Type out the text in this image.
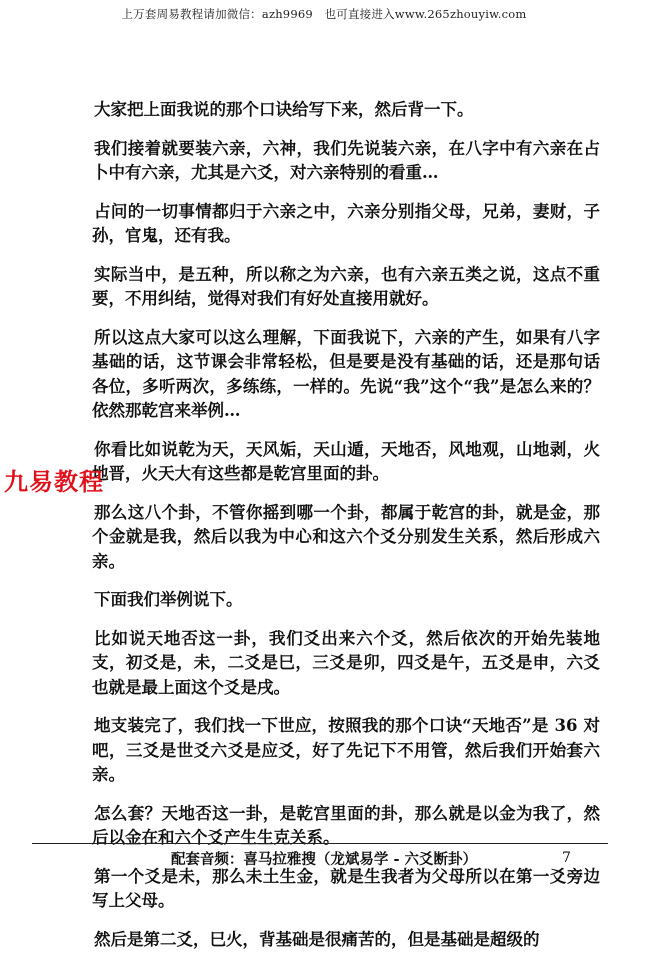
上万套周易教程请加微信：azh9969　也可直接进入www.265zhouyiw.com

大家把上面我说的那个口诀给写下来，然后背一下。

我们接着就要装六亲，六神，我们先说装六亲，在八字中有六亲在占卜中有六亲，尤其是六爻，对六亲特别的看重…

占问的一切事情都归于六亲之中，六亲分别指父母，兄弟，妻财，子孙，官鬼，还有我。

实际当中，是五种，所以称之为六亲，也有六亲五类之说，这点不重要，不用纠结，觉得对我们有好处直接用就好。

所以这点大家可以这么理解，下面我说下，六亲的产生，如果有八字基础的话，这节课会非常轻松，但是要是没有基础的话，还是那句话各位，多听两次，多练练，一样的。先说“我”这个“我”是怎么来的？依然那乾宫来举例…

你看比如说乾为天，天风姤，天山遁，天地否，风地观，山地剥，火地晋，火天大有这些都是乾宫里面的卦。

那么这八个卦，不管你摇到哪一个卦，都属于乾宫的卦，就是金，那个金就是我，然后以我为中心和这六个爻分别发生关系，然后形成六亲。

下面我们举例说下。

比如说天地否这一卦，我们爻出来六个爻，然后依次的开始先装地支，初爻是，未，二爻是巳，三爻是卯，四爻是午，五爻是申，六爻也就是最上面这个爻是戌。

地支装完了，我们找一下世应，按照我的那个口诀“天地否”是 36 对吧，三爻是世爻六爻是应爻，好了先记下不用管，然后我们开始套六亲。

怎么套？天地否这一卦，是乾宫里面的卦，那么就是以金为我了，然后以金在和六个爻产生生克关系。

第一个爻是未，那么未土生金，就是生我者为父母所以在第一爻旁边写上父母。

然后是第二爻，巳火，背基础是很痛苦的，但是基础是超级的

九易教程
配套音频：喜马拉雅搜（龙斌易学 - 六爻断卦）	7
